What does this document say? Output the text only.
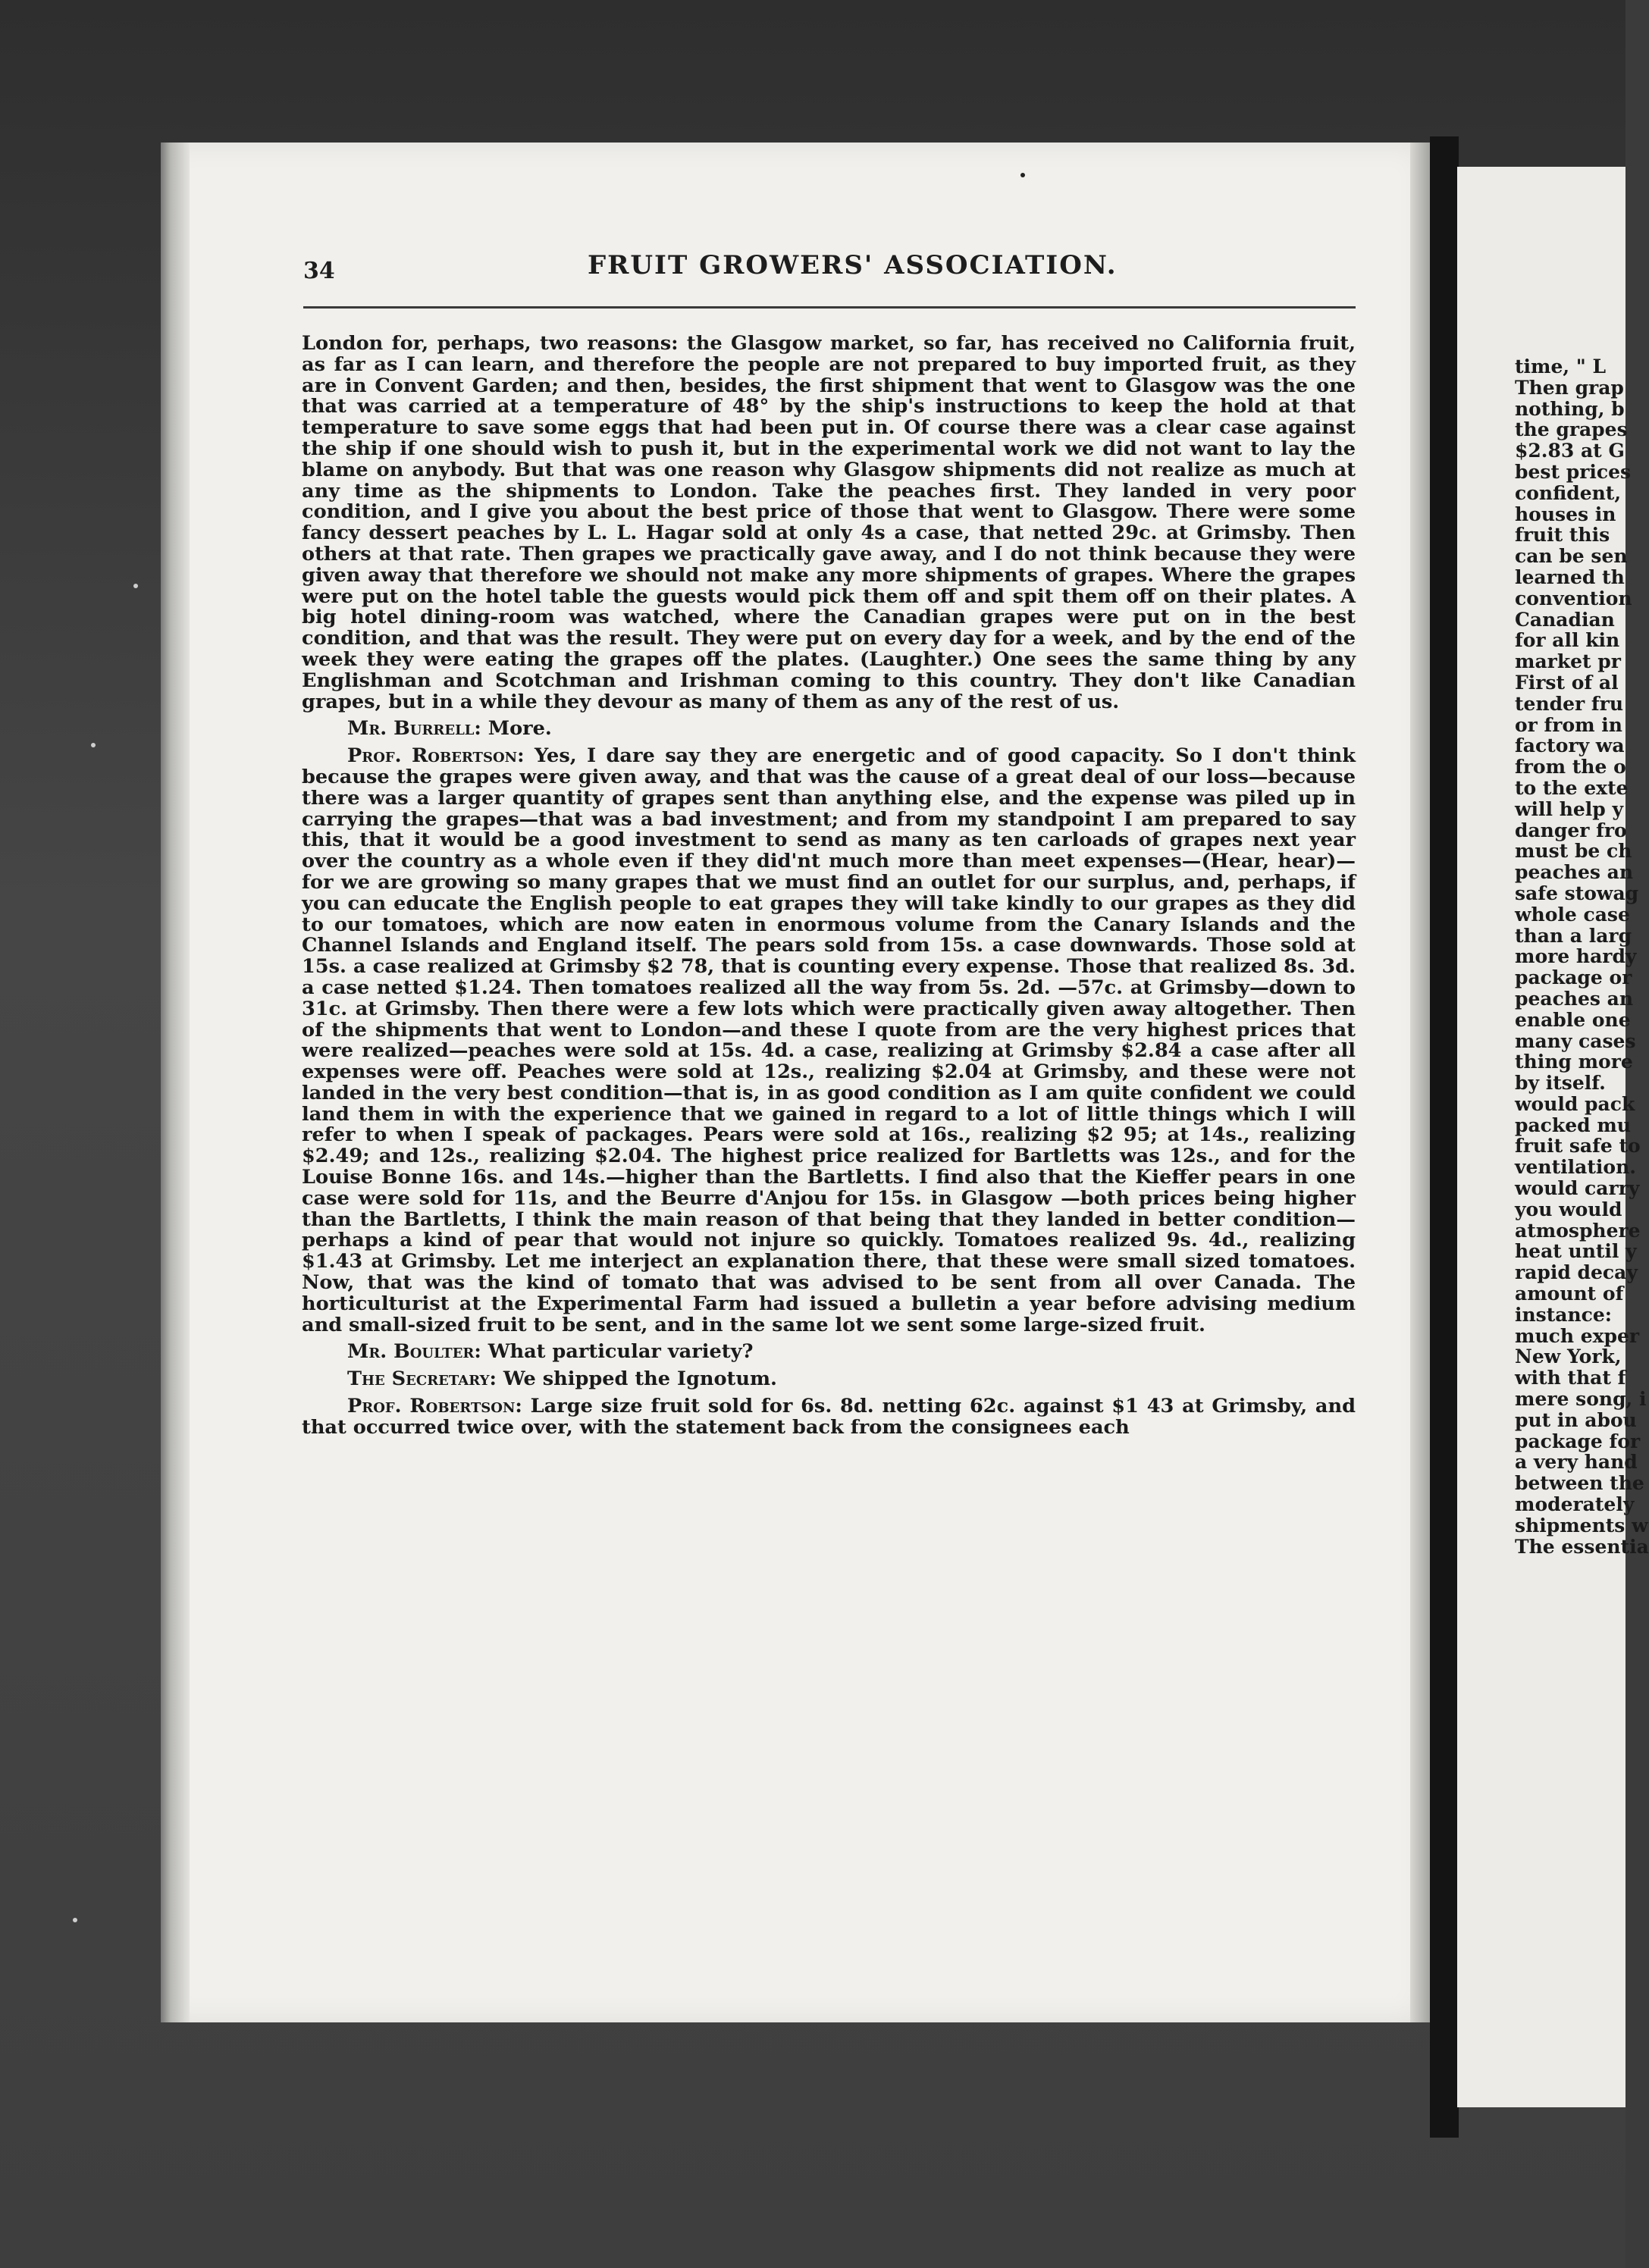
34	FRUIT GROWERS' ASSOCIATION.

London for, perhaps, two reasons: the Glasgow market, so far, has received no California fruit, as far as I can learn, and therefore the people are not prepared to buy imported fruit, as they are in Convent Garden; and then, besides, the first shipment that went to Glasgow was the one that was carried at a temperature of 48° by the ship's instructions to keep the hold at that temperature to save some eggs that had been put in. Of course there was a clear case against the ship if one should wish to push it, but in the experimental work we did not want to lay the blame on anybody. But that was one reason why Glasgow shipments did not realize as much at any time as the shipments to London. Take the peaches first. They landed in very poor condition, and I give you about the best price of those that went to Glasgow. There were some fancy dessert peaches by L. L. Hagar sold at only 4s a case, that netted 29c. at Grimsby. Then others at that rate. Then grapes we practically gave away, and I do not think because they were given away that therefore we should not make any more shipments of grapes. Where the grapes were put on the hotel table the guests would pick them off and spit them off on their plates. A big hotel dining-room was watched, where the Canadian grapes were put on in the best condition, and that was the result. They were put on every day for a week, and by the end of the week they were eating the grapes off the plates. (Laughter.) One sees the same thing by any Englishman and Scotchman and Irishman coming to this country. They don't like Canadian grapes, but in a while they devour as many of them as any of the rest of us.

Mr. Burrell: More.

Prof. Robertson: Yes, I dare say they are energetic and of good capacity. So I don't think because the grapes were given away, and that was the cause of a great deal of our loss—because there was a larger quantity of grapes sent than anything else, and the expense was piled up in carrying the grapes—that was a bad investment; and from my standpoint I am prepared to say this, that it would be a good investment to send as many as ten carloads of grapes next year over the country as a whole even if they did'nt much more than meet expenses—(Hear, hear)—for we are growing so many grapes that we must find an outlet for our surplus, and, perhaps, if you can educate the English people to eat grapes they will take kindly to our grapes as they did to our tomatoes, which are now eaten in enormous volume from the Canary Islands and the Channel Islands and England itself. The pears sold from 15s. a case downwards. Those sold at 15s. a case realized at Grimsby $2 78, that is counting every expense. Those that realized 8s. 3d. a case netted $1.24. Then tomatoes realized all the way from 5s. 2d. —57c. at Grimsby—down to 31c. at Grimsby. Then there were a few lots which were practically given away altogether. Then of the shipments that went to London—and these I quote from are the very highest prices that were realized—peaches were sold at 15s. 4d. a case, realizing at Grimsby $2.84 a case after all expenses were off. Peaches were sold at 12s., realizing $2.04 at Grimsby, and these were not landed in the very best condition—that is, in as good condition as I am quite confident we could land them in with the experience that we gained in regard to a lot of little things which I will refer to when I speak of packages. Pears were sold at 16s., realizing $2 95; at 14s., realizing $2.49; and 12s., realizing $2.04. The highest price realized for Bartletts was 12s., and for the Louise Bonne 16s. and 14s.—higher than the Bartletts. I find also that the Kieffer pears in one case were sold for 11s, and the Beurre d'Anjou for 15s. in Glasgow —both prices being higher than the Bartletts, I think the main reason of that being that they landed in better condition—perhaps a kind of pear that would not injure so quickly. Tomatoes realized 9s. 4d., realizing $1.43 at Grimsby. Let me interject an explanation there, that these were small sized tomatoes. Now, that was the kind of tomato that was advised to be sent from all over Canada. The horticulturist at the Experimental Farm had issued a bulletin a year before advising medium and small-sized fruit to be sent, and in the same lot we sent some large-sized fruit.

Mr. Boulter: What particular variety?

The Secretary: We shipped the Ignotum.

Prof. Robertson: Large size fruit sold for 6s. 8d. netting 62c. against $1 43 at Grimsby, and that occurred twice over, with the statement back from the consignees each

time, " L
Then grap
nothing, b
the grapes
$2.83 at G
best prices
confident,
houses in
fruit this
can be sen
learned th
convention
Canadian
for all kin
market pr
First of al
tender fru
or from in
factory wa
from the o
to the exte
will help y
danger fro
must be ch
peaches an
safe stowag
whole case
than a larg
more hardy
package or
peaches an
enable one
many cases
thing more
by itself.
would pack
packed mu
fruit safe to
ventilation.
would carry
you would
atmosphere
heat until y
rapid decay
amount of
instance:
much exper
New York,
with that f
mere song, i
put in abou
package for
a very hand
between the
moderately
shipments w
The essentia
